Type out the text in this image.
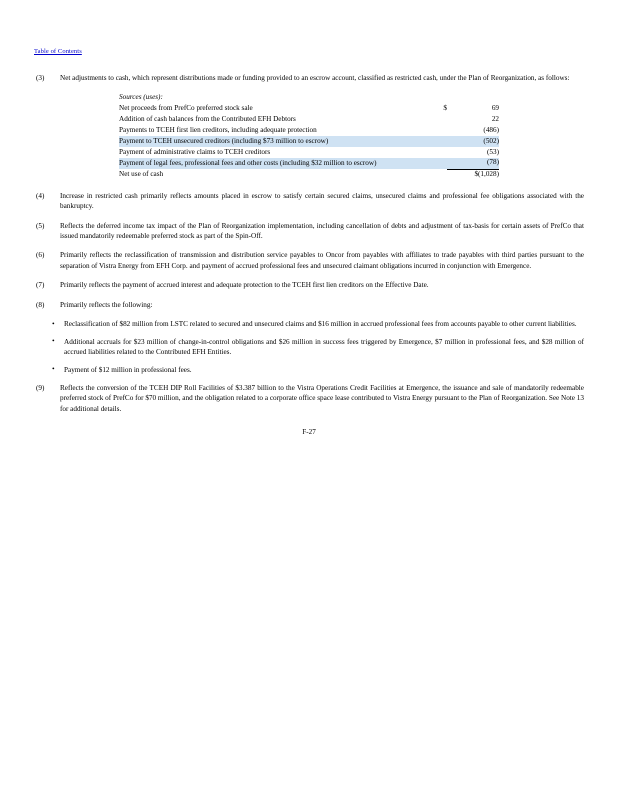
Table of Contents
(3)	Net adjustments to cash, which represent distributions made or funding provided to an escrow account, classified as restricted cash, under the Plan of Reorganization, as follows:
Sources (uses):		
Net proceeds from PrefCo preferred stock sale	$	69
Addition of cash balances from the Contributed EFH Debtors		22
Payments to TCEH first lien creditors, including adequate protection		(486)
Payment to TCEH unsecured creditors (including $73 million to escrow)		(502)
Payment of administrative claims to TCEH creditors		(53)
Payment of legal fees, professional fees and other costs (including $32 million to escrow)		(78)
Net use of cash		$(1,028)
(4)	Increase in restricted cash primarily reflects amounts placed in escrow to satisfy certain secured claims, unsecured claims and professional fee obligations associated with the bankruptcy.
(5)	Reflects the deferred income tax impact of the Plan of Reorganization implementation, including cancellation of debts and adjustment of tax-basis for certain assets of PrefCo that issued mandatorily redeemable preferred stock as part of the Spin-Off.
(6)	Primarily reflects the reclassification of transmission and distribution service payables to Oncor from payables with affiliates to trade payables with third parties pursuant to the separation of Vistra Energy from EFH Corp. and payment of accrued professional fees and unsecured claimant obligations incurred in conjunction with Emergence.
(7)	Primarily reflects the payment of accrued interest and adequate protection to the TCEH first lien creditors on the Effective Date.
(8)	Primarily reflects the following:
• Reclassification of $82 million from LSTC related to secured and unsecured claims and $16 million in accrued professional fees from accounts payable to other current liabilities.
• Additional accruals for $23 million of change-in-control obligations and $26 million in success fees triggered by Emergence, $7 million in professional fees, and $28 million of accrued liabilities related to the Contributed EFH Entities.
• Payment of $12 million in professional fees.
(9)	Reflects the conversion of the TCEH DIP Roll Facilities of $3.387 billion to the Vistra Operations Credit Facilities at Emergence, the issuance and sale of mandatorily redeemable preferred stock of PrefCo for $70 million, and the obligation related to a corporate office space lease contributed to Vistra Energy pursuant to the Plan of Reorganization. See Note 13 for additional details.
F-27
